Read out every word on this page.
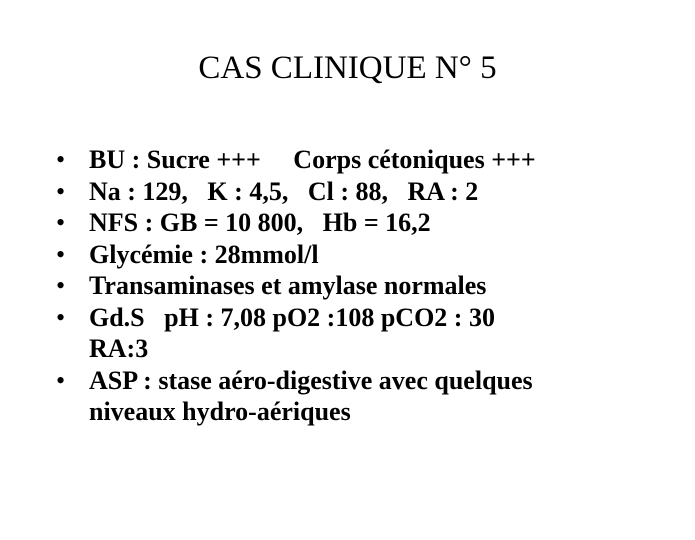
CAS CLINIQUE N° 5
• BU : Sucre +++     Corps cétoniques +++
• Na : 129,   K : 4,5,   Cl : 88,   RA : 2
• NFS : GB = 10 800,   Hb = 16,2
• Glycémie : 28mmol/l
• Transaminases et amylase normales
• Gd.S   pH : 7,08 pO2 :108 pCO2 : 30
RA:3
• ASP : stase aéro-digestive avec quelques
niveaux hydro-aériques
